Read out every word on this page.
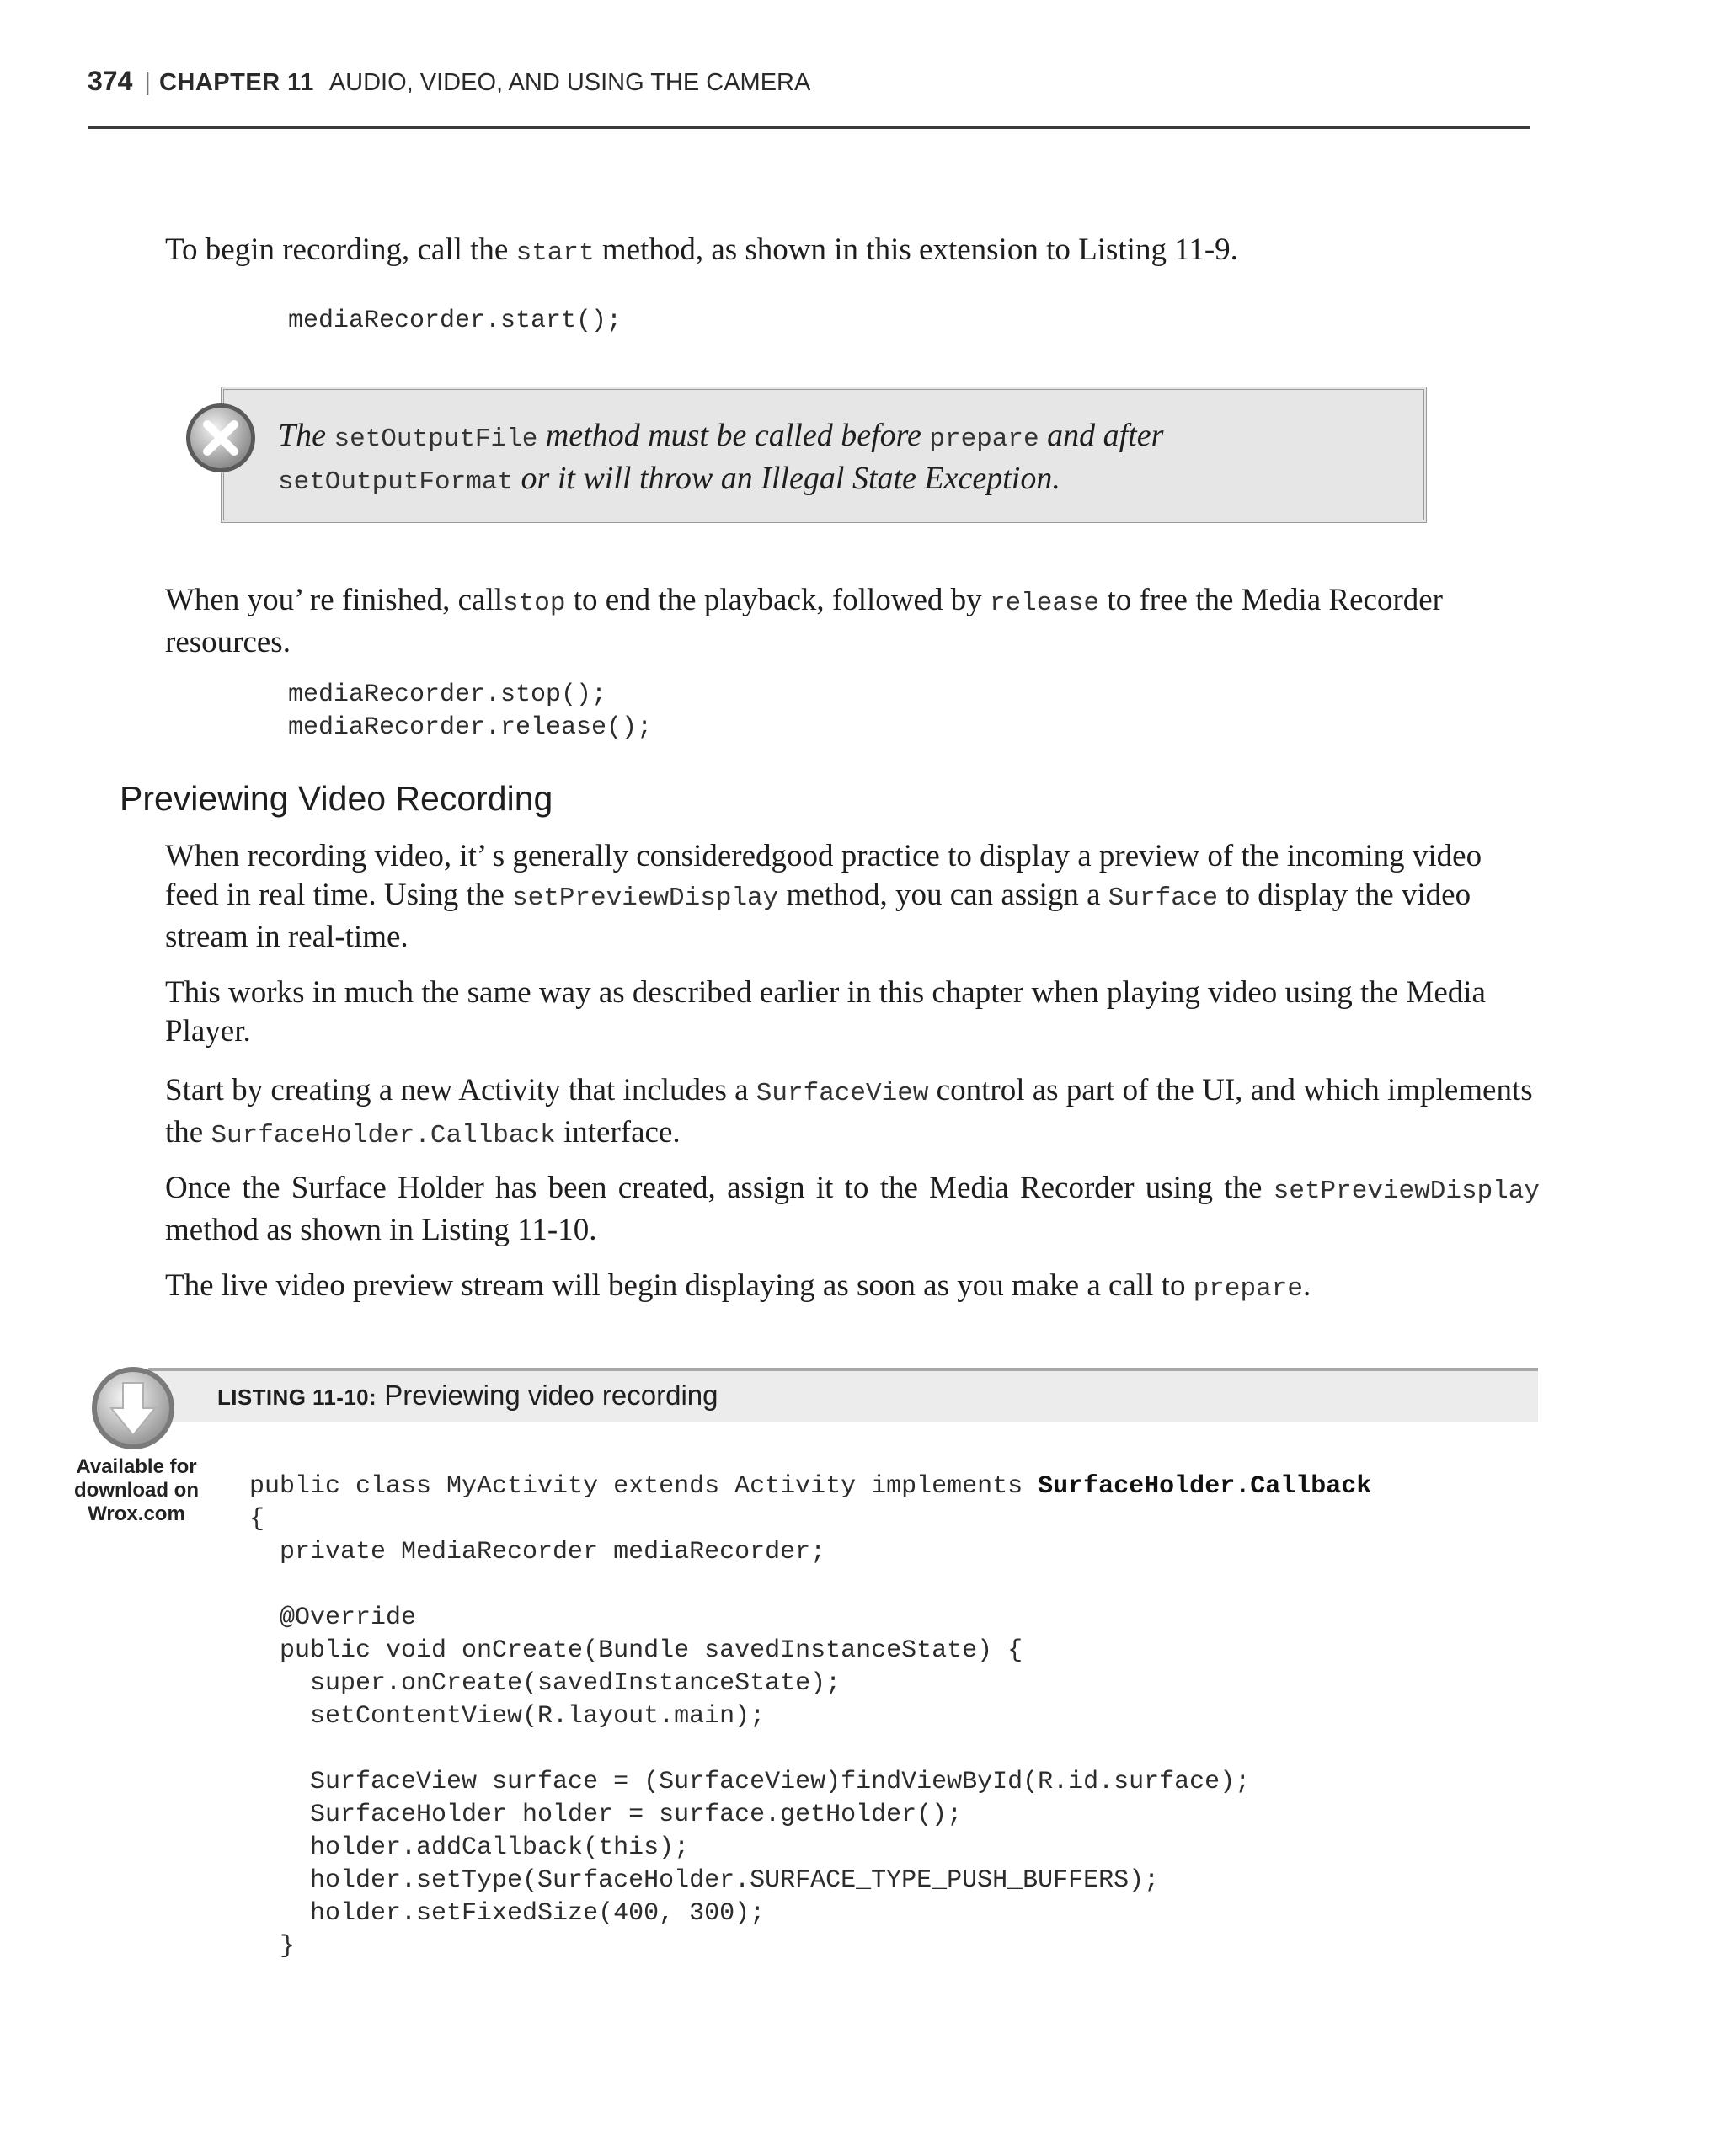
374 | CHAPTER 11 AUDIO, VIDEO, AND USING THE CAMERA

To begin recording, call the start method, as shown in this extension to Listing 11-9.

mediaRecorder.start();

The setOutputFile method must be called before prepare and after
setOutputFormat or it will throw an Illegal State Exception.

When you’ re finished, callstop to end the playback, followed by release to free the Media Recorder resources.

mediaRecorder.stop();
mediaRecorder.release();
Previewing Video Recording

When recording video, it’ s generally consideredgood practice to display a preview of the incoming video feed in real time. Using the setPreviewDisplay method, you can assign a Surface to display the video stream in real-time.

This works in much the same way as described earlier in this chapter when playing video using the Media Player.

Start by creating a new Activity that includes a SurfaceView control as part of the UI, and which implements the SurfaceHolder.Callback interface.

Once the Surface Holder has been created, assign it to the Media Recorder using the setPreviewDisplay method as shown in Listing 11-10.

The live video preview stream will begin displaying as soon as you make a call to prepare.

LISTING 11-10: Previewing video recording
Available for
download on
Wrox.com
public class MyActivity extends Activity implements SurfaceHolder.Callback
{
private MediaRecorder mediaRecorder;

@Override
public void onCreate(Bundle savedInstanceState) {
super.onCreate(savedInstanceState);
setContentView(R.layout.main);

SurfaceView surface = (SurfaceView)findViewById(R.id.surface);
SurfaceHolder holder = surface.getHolder();
holder.addCallback(this);
holder.setType(SurfaceHolder.SURFACE_TYPE_PUSH_BUFFERS);
holder.setFixedSize(400, 300);
}
